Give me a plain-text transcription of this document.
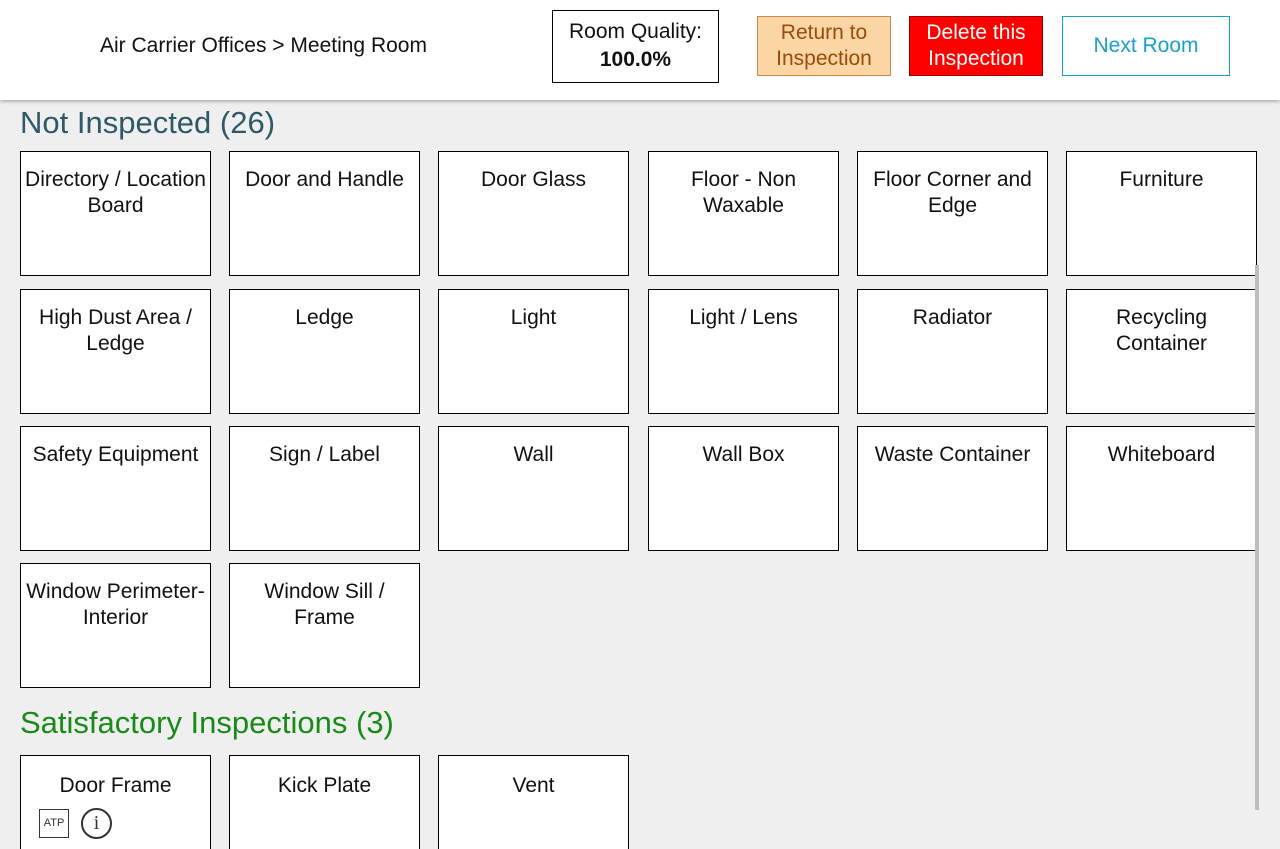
Air Carrier Offices > Meeting Room
Room Quality:
100.0%
Return to Inspection
Delete this Inspection
Next Room
Not Inspected (26)
Directory / Location Board
Door and Handle	Door Glass	Floor - Non Waxable
Floor Corner and Edge
Furniture
High Dust Area / Ledge
Ledge	Light	Light / Lens	Radiator	Recycling Container
Safety Equipment	Sign / Label	Wall	Wall Box	Waste Container	Whiteboard
Window Perimeter-Interior
Window Sill / Frame
Satisfactory Inspections (3)
Door Frame
ATP	i
Kick Plate	Vent
